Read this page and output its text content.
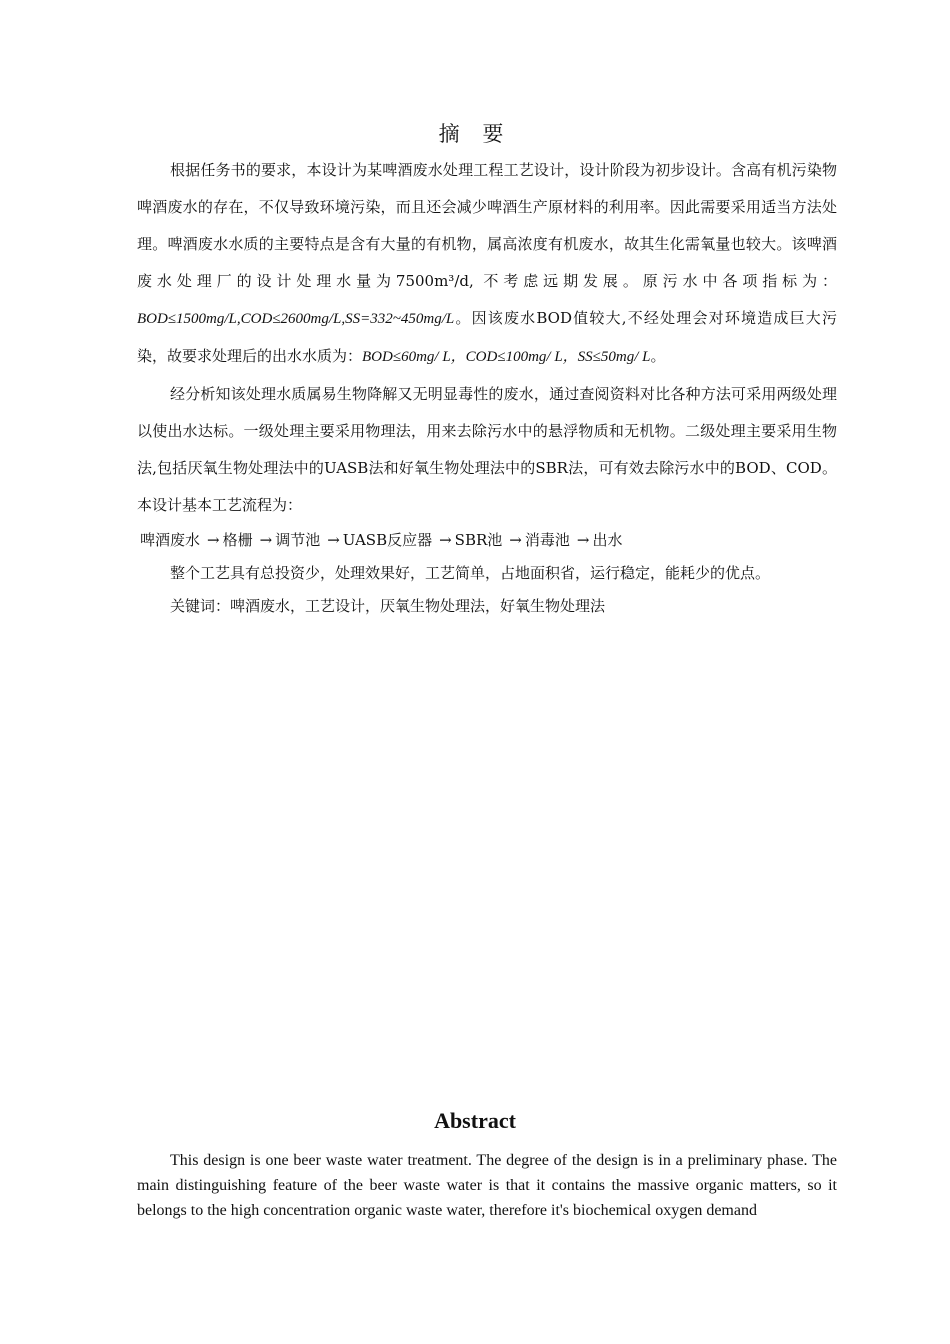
摘 要

根据任务书的要求，本设计为某啤酒废水处理工程工艺设计，设计阶段为初步设计。含高有机污染物啤酒废水的存在，不仅导致环境污染，而且还会减少啤酒生产原材料的利用率。因此需要采用适当方法处理。啤酒废水水质的主要特点是含有大量的有机物，属高浓度有机废水，故其生化需氧量也较大。该啤酒废水处理厂的设计处理水量为7500m³/d, 不考虑远期发展。原污水中各项指标为：BOD≤1500mg/L,COD≤2600mg/L,SS=332~450mg/L。因该废水BOD值较大,不经处理会对环境造成巨大污染，故要求处理后的出水水质为：BOD≤60mg/ L，COD≤100mg/ L，SS≤50mg/ L。

经分析知该处理水质属易生物降解又无明显毒性的废水，通过查阅资料对比各种方法可采用两级处理以使出水达标。一级处理主要采用物理法，用来去除污水中的悬浮物质和无机物。二级处理主要采用生物法,包括厌氧生物处理法中的UASB法和好氧生物处理法中的SBR法，可有效去除污水中的BOD、COD。本设计基本工艺流程为：

啤酒废水 → 格栅 → 调节池 → UASB反应器 → SBR池 → 消毒池 → 出水

整个工艺具有总投资少，处理效果好，工艺简单，占地面积省，运行稳定，能耗少的优点。

关键词：啤酒废水，工艺设计，厌氧生物处理法，好氧生物处理法

Abstract

This design is one beer waste water treatment. The degree of the design is in a preliminary phase. The main distinguishing feature of the beer waste water is that it contains the massive organic matters, so it belongs to the high concentration organic waste water, therefore it's biochemical oxygen demand
